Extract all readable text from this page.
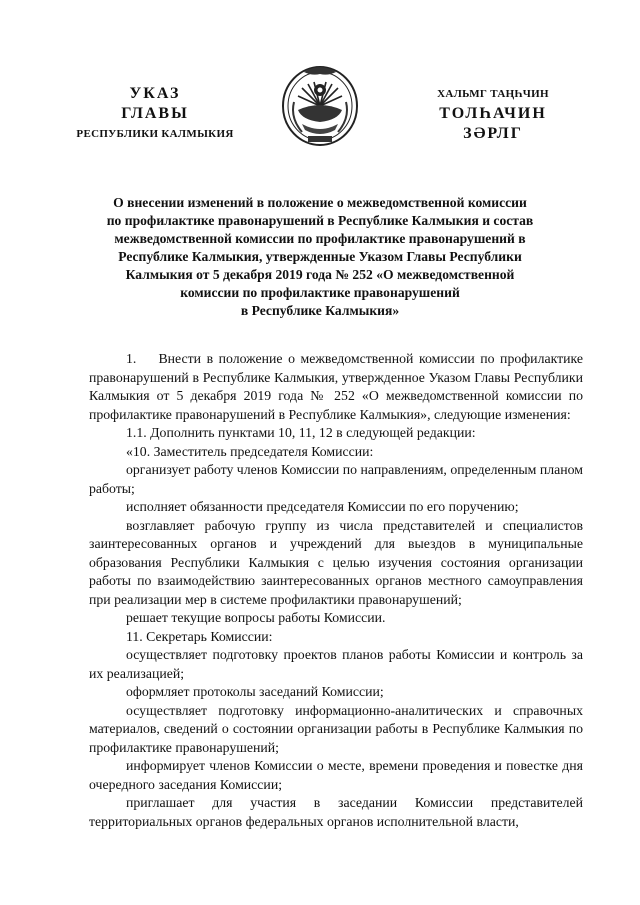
УКАЗ
ГЛАВЫ
РЕСПУБЛИКИ КАЛМЫКИЯ
ХАЛЬМГ ТАҢҺЧИН
ТОЛҺАЧИН
ЗӘРЛГ
О внесении изменений в положение о межведомственной комиссии
по профилактике правонарушений в Республике Калмыкия и состав
межведомственной комиссии по профилактике правонарушений в
Республике Калмыкия, утвержденные Указом Главы Республики
Калмыкия от 5 декабря 2019 года № 252 «О межведомственной
комиссии по профилактике правонарушений
в Республике Калмыкия»

1.    Внести в положение о межведомственной комиссии по профилактике правонарушений в Республике Калмыкия, утвержденное Указом Главы Республики Калмыкия от 5 декабря 2019 года № 252 «О межведомственной комиссии по профилактике правонарушений в Республике Калмыкия», следующие изменения:

1.1. Дополнить пунктами 10, 11, 12 в следующей редакции:

«10. Заместитель председателя Комиссии:

организует работу членов Комиссии по направлениям, определенным планом работы;

исполняет обязанности председателя Комиссии по его поручению;

возглавляет рабочую группу из числа представителей и специалистов заинтересованных органов и учреждений для выездов в муниципальные образования Республики Калмыкия с целью изучения состояния организации работы по взаимодействию заинтересованных органов местного самоуправления при реализации мер в системе профилактики правонарушений;

решает текущие вопросы работы Комиссии.

11. Секретарь Комиссии:

осуществляет подготовку проектов планов работы Комиссии и контроль за их реализацией;

оформляет протоколы заседаний Комиссии;

осуществляет подготовку информационно-аналитических и справочных материалов, сведений о состоянии организации работы в Республике Калмыкия по профилактике правонарушений;

информирует членов Комиссии о месте, времени проведения и повестке дня очередного заседания Комиссии;

приглашает для участия в заседании Комиссии представителей территориальных органов федеральных органов исполнительной власти,
